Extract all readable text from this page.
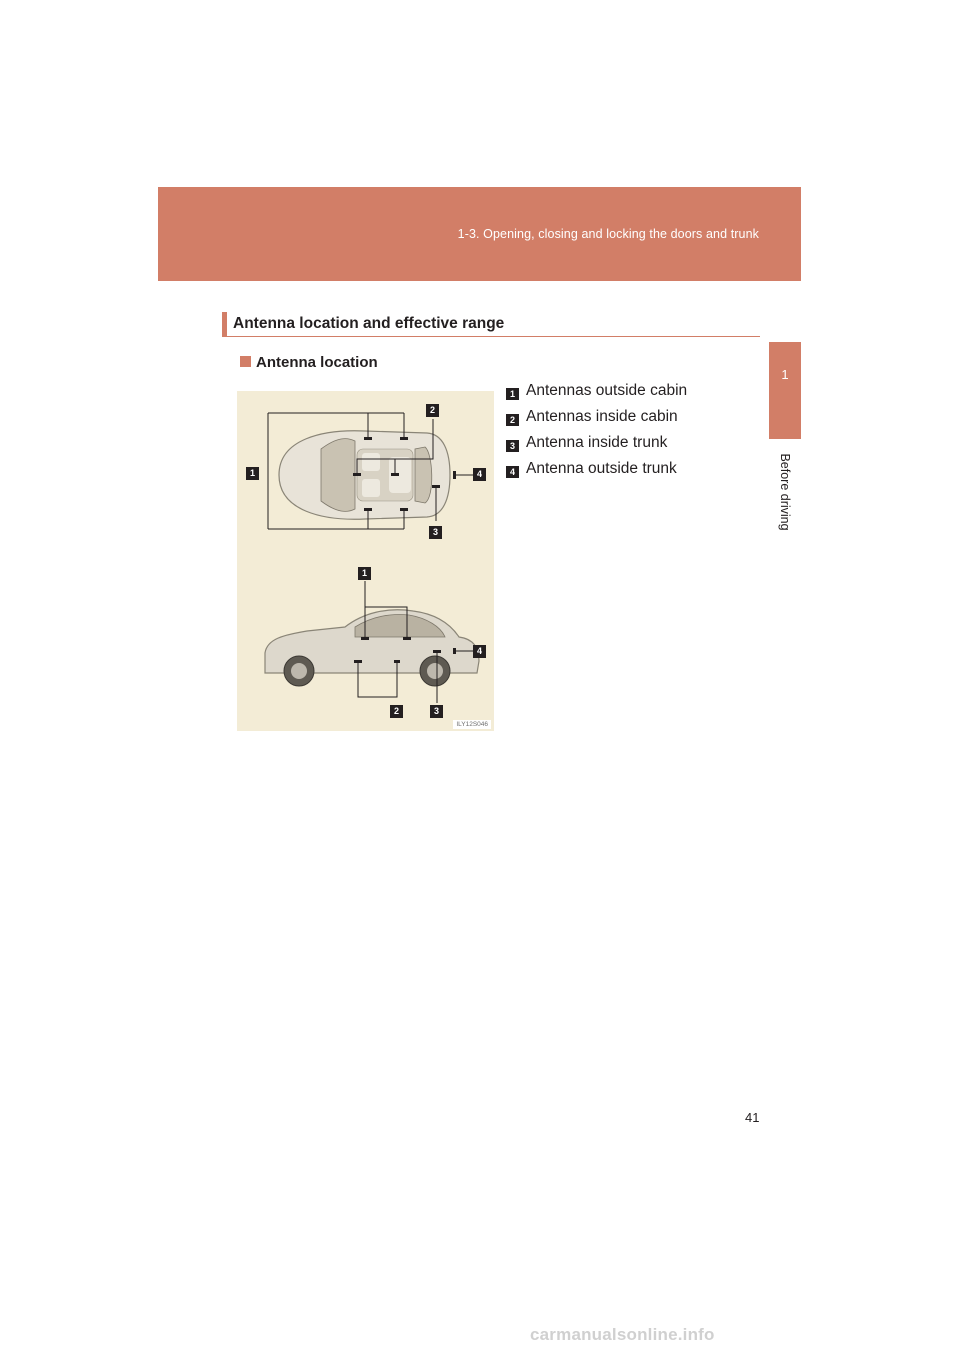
1-3. Opening, closing and locking the doors and trunk
1
Before driving
Antenna location and effective range
Antenna location
1
2
3
4
1
4
2	3
ILY12S046
1 Antennas outside cabin
2 Antennas inside cabin
3 Antenna inside trunk
4 Antenna outside trunk
41
carmanualsonline.info
